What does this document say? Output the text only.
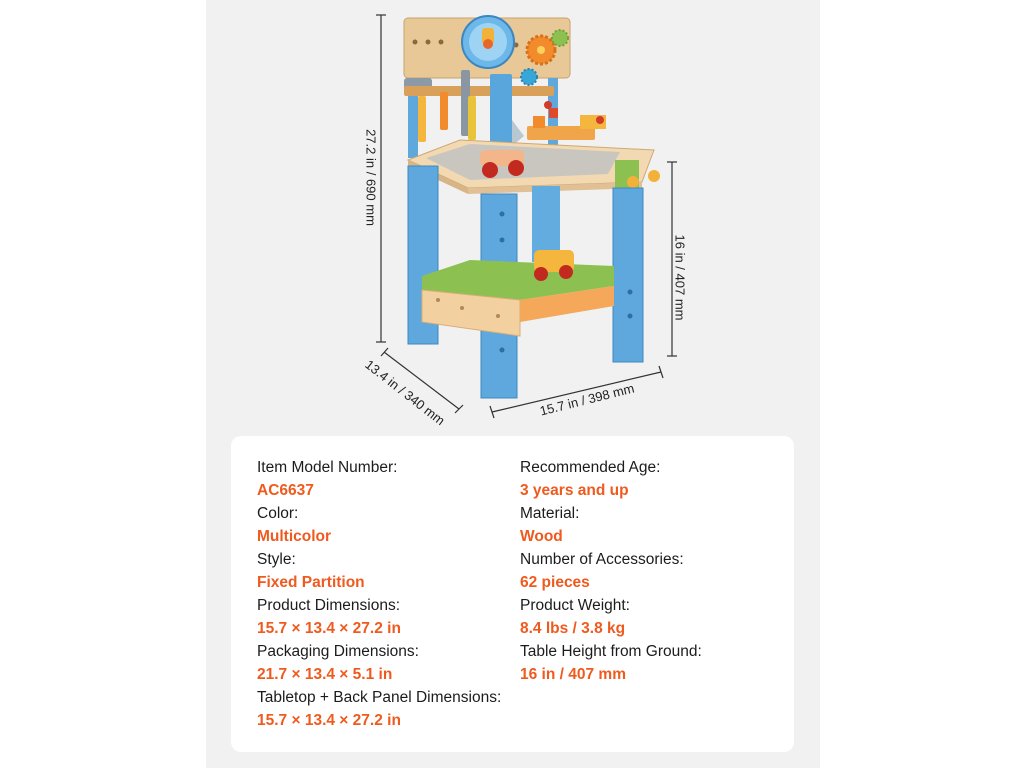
27.2 in / 690 mm
16 in / 407 mm
13.4 in / 340 mm	15.7 in / 398 mm
Item Model Number:
AC6637
Color:
Multicolor
Style:
Fixed Partition
Product Dimensions:
15.7 × 13.4 × 27.2 in
Packaging Dimensions:
21.7 × 13.4 × 5.1 in
Tabletop + Back Panel Dimensions:
15.7 × 13.4 × 27.2 in
Recommended Age:
3 years and up
Material:
Wood
Number of Accessories:
62 pieces
Product Weight:
8.4 lbs / 3.8 kg
Table Height from Ground:
16 in / 407 mm
